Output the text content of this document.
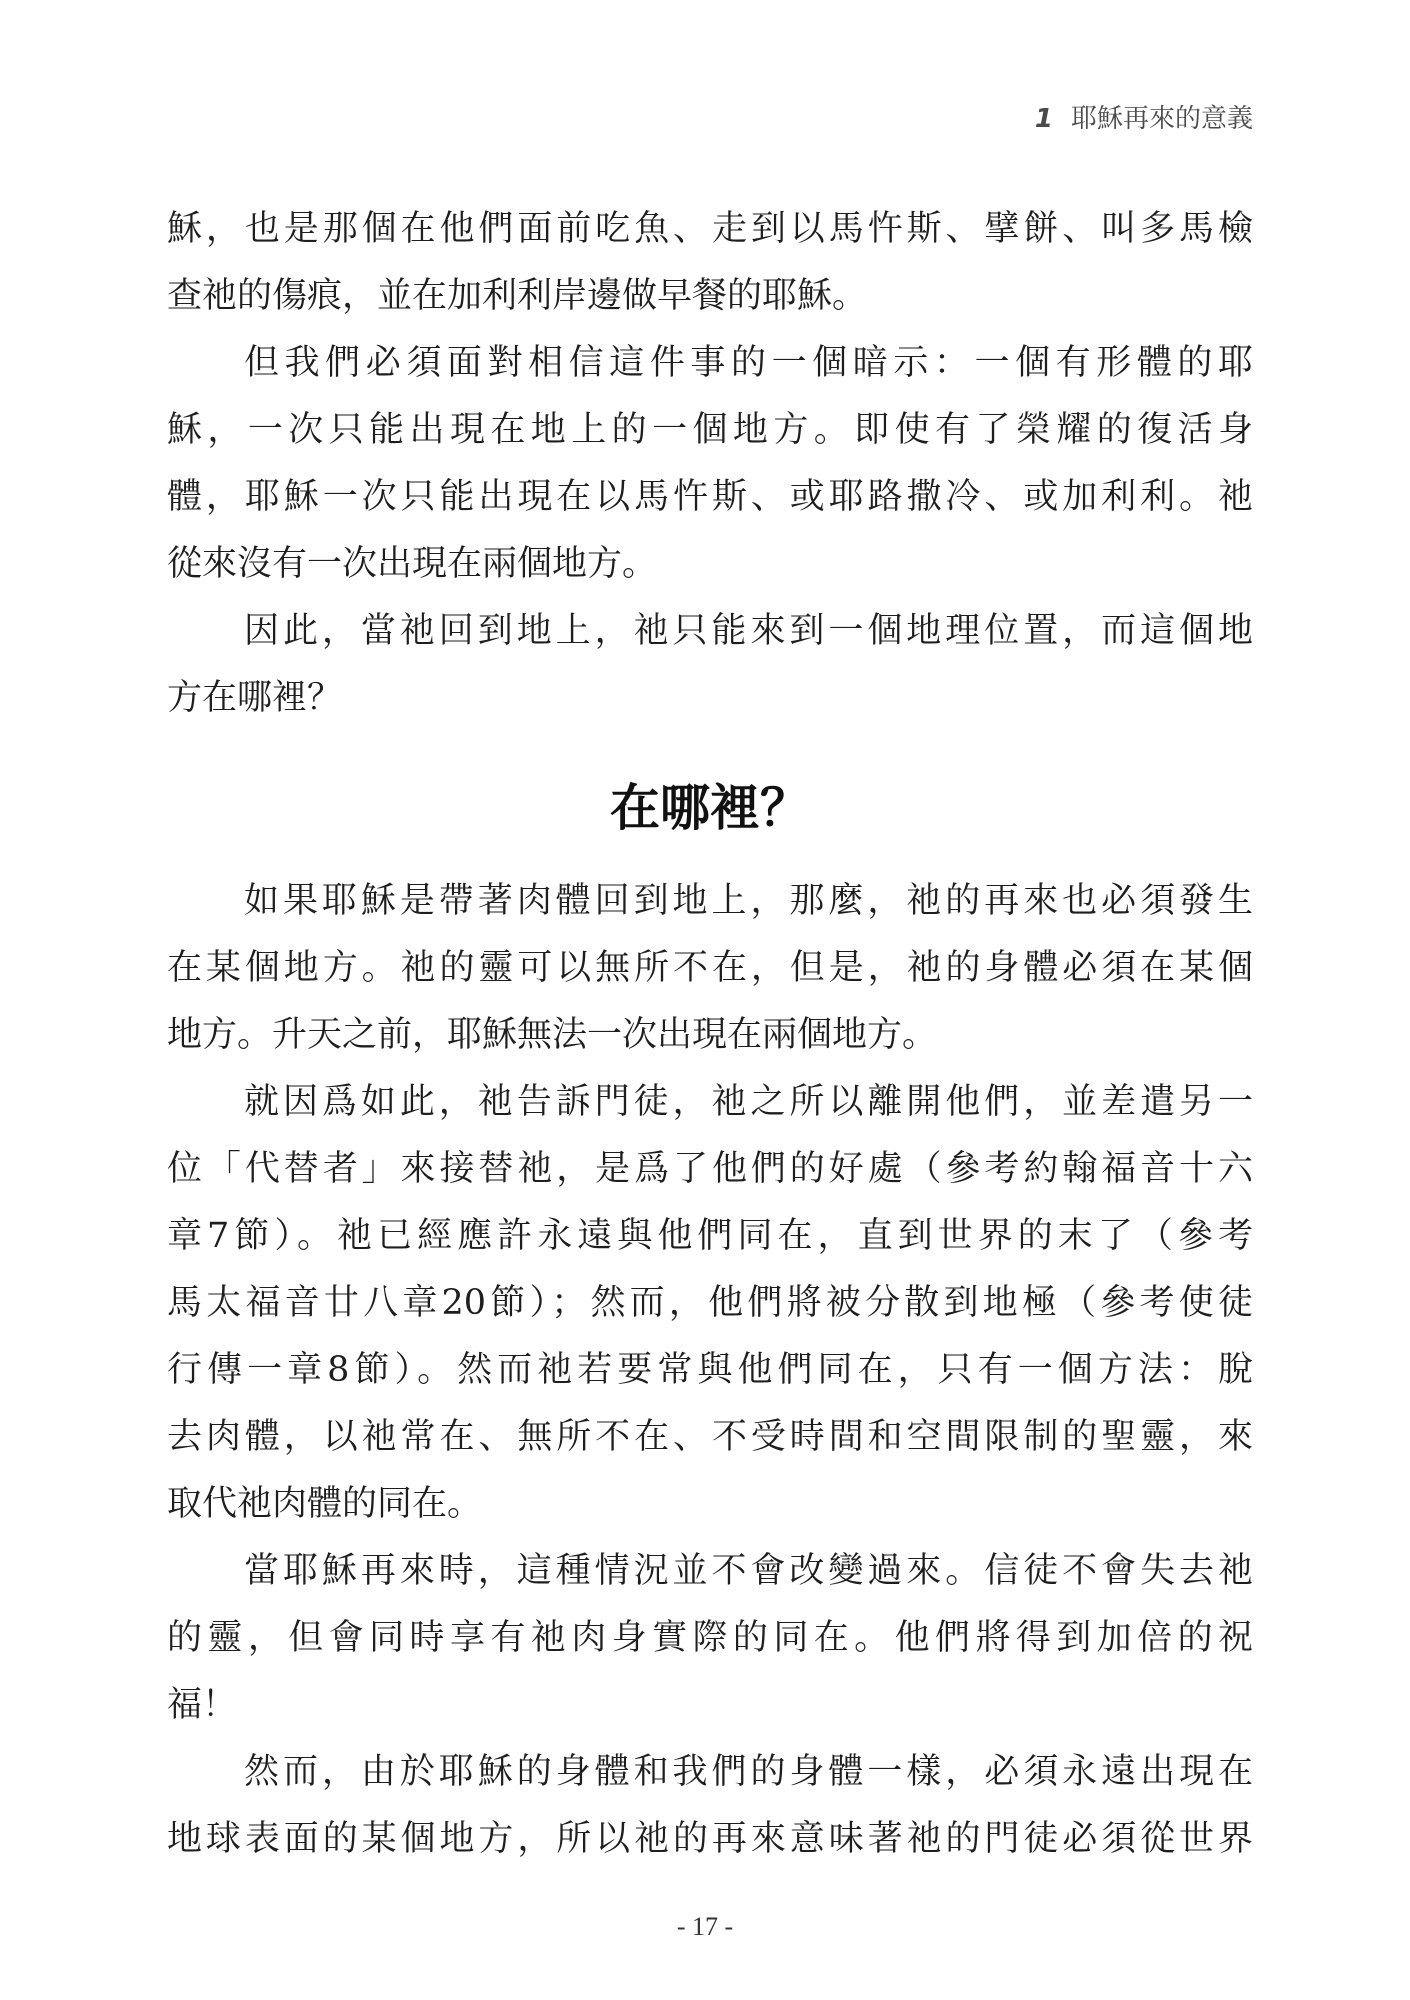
1 耶穌再來的意義
穌，也是那個在他們面前吃魚、走到以馬忤斯、擘餅、叫多馬檢
查祂的傷痕，並在加利利岸邊做早餐的耶穌。
但我們必須面對相信這件事的一個暗示：一個有形體的耶
穌，一次只能出現在地上的一個地方。即使有了榮耀的復活身
體，耶穌一次只能出現在以馬忤斯、或耶路撒冷、或加利利。祂
從來沒有一次出現在兩個地方。
因此，當祂回到地上，祂只能來到一個地理位置，而這個地
方在哪裡？
在哪裡？
如果耶穌是帶著肉體回到地上，那麼，祂的再來也必須發生
在某個地方。祂的靈可以無所不在，但是，祂的身體必須在某個
地方。升天之前，耶穌無法一次出現在兩個地方。
就因爲如此，祂告訴門徒，祂之所以離開他們，並差遣另一
位「代替者」來接替祂，是爲了他們的好處（參考約翰福音十六
章7節）。祂已經應許永遠與他們同在，直到世界的末了（參考
馬太福音廿八章20節）；然而，他們將被分散到地極（參考使徒
行傳一章8節）。然而祂若要常與他們同在，只有一個方法：脫
去肉體，以祂常在、無所不在、不受時間和空間限制的聖靈，來
取代祂肉體的同在。
當耶穌再來時，這種情況並不會改變過來。信徒不會失去祂
的靈，但會同時享有祂肉身實際的同在。他們將得到加倍的祝
福！
然而，由於耶穌的身體和我們的身體一樣，必須永遠出現在
地球表面的某個地方，所以祂的再來意味著祂的門徒必須從世界
- 17 -
